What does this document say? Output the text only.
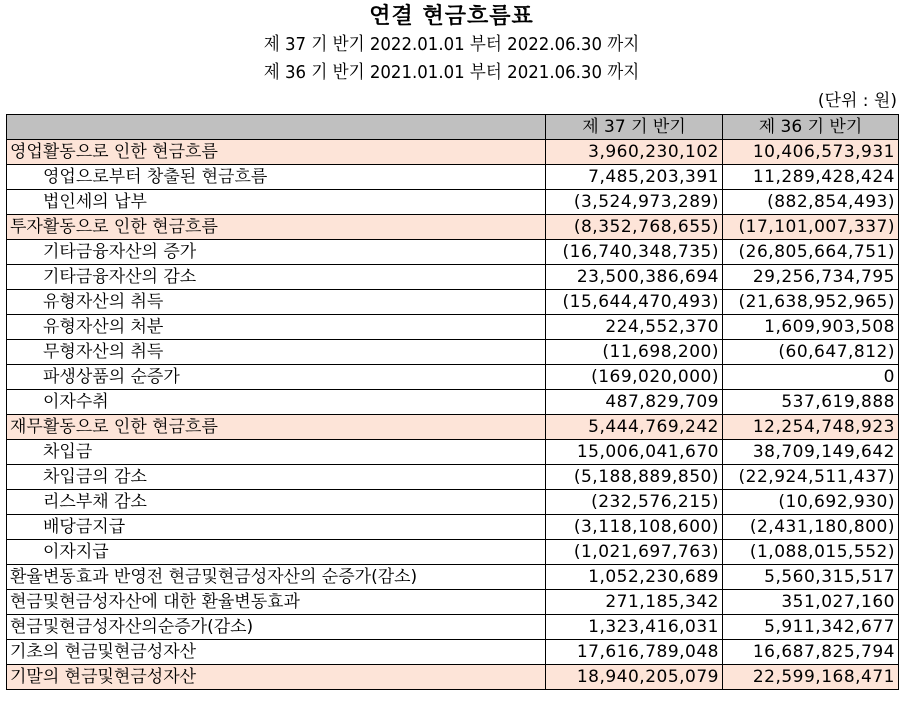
연결 현금흐름표
제 37 기 반기 2022.01.01 부터 2022.06.30 까지
제 36 기 반기 2021.01.01 부터 2021.06.30 까지
(단위 : 원)
	제 37 기 반기	제 36 기 반기
영업활동으로 인한 현금흐름	3,960,230,102	10,406,573,931
영업으로부터 창출된 현금흐름	7,485,203,391	11,289,428,424
법인세의 납부	(3,524,973,289)	(882,854,493)
투자활동으로 인한 현금흐름	(8,352,768,655)	(17,101,007,337)
기타금융자산의 증가	(16,740,348,735)	(26,805,664,751)
기타금융자산의 감소	23,500,386,694	29,256,734,795
유형자산의 취득	(15,644,470,493)	(21,638,952,965)
유형자산의 처분	224,552,370	1,609,903,508
무형자산의 취득	(11,698,200)	(60,647,812)
파생상품의 순증가	(169,020,000)	0
이자수취	487,829,709	537,619,888
재무활동으로 인한 현금흐름	5,444,769,242	12,254,748,923
차입금	15,006,041,670	38,709,149,642
차입금의 감소	(5,188,889,850)	(22,924,511,437)
리스부채 감소	(232,576,215)	(10,692,930)
배당금지급	(3,118,108,600)	(2,431,180,800)
이자지급	(1,021,697,763)	(1,088,015,552)
환율변동효과 반영전 현금및현금성자산의 순증가(감소)	1,052,230,689	5,560,315,517
현금및현금성자산에 대한 환율변동효과	271,185,342	351,027,160
현금및현금성자산의순증가(감소)	1,323,416,031	5,911,342,677
기초의 현금및현금성자산	17,616,789,048	16,687,825,794
기말의 현금및현금성자산	18,940,205,079	22,599,168,471
